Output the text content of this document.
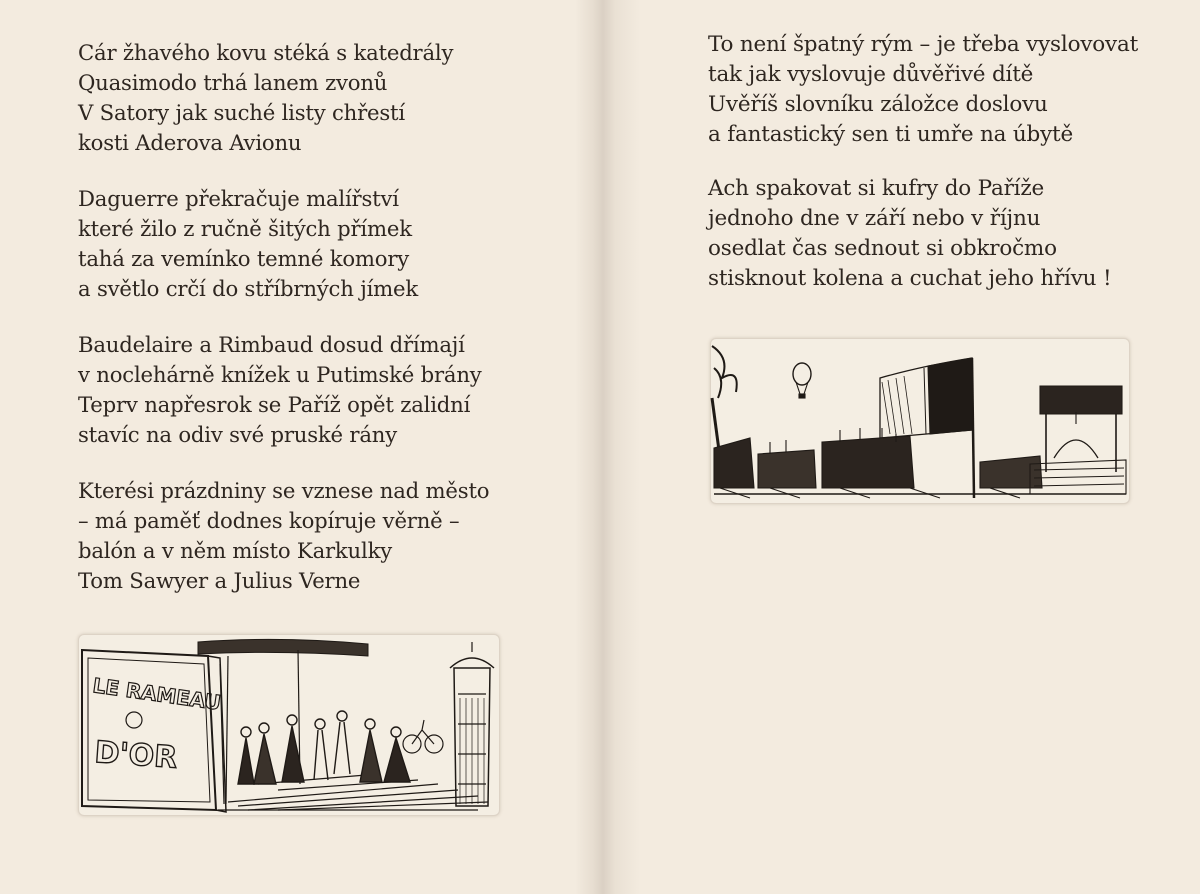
Cár žhavého kovu stéká s katedrály
Quasimodo trhá lanem zvonů
V Satory jak suché listy chřestí
kosti Aderova Avionu
Daguerre překračuje malířství
které žilo z ručně šitých přímek
tahá za vemínko temné komory
a světlo crčí do stříbrných jímek
Baudelaire a Rimbaud dosud dřímají
v noclehárně knížek u Putimské brány
Teprv napřesrok se Paříž opět zalidní
stavíc na odiv své pruské rány
Kterési prázdniny se vznese nad město
– má paměť dodnes kopíruje věrně –
balón a v něm místo Karkulky
Tom Sawyer a Julius Verne
LE RAMEAU
D'OR
To není špatný rým – je třeba vyslovovat
tak jak vyslovuje důvěřivé dítě
Uvěříš slovníku záložce doslovu
a fantastický sen ti umře na úbytě
Ach spakovat si kufry do Paříže
jednoho dne v září nebo v říjnu
osedlat čas sednout si obkročmo
stisknout kolena a cuchat jeho hřívu !
